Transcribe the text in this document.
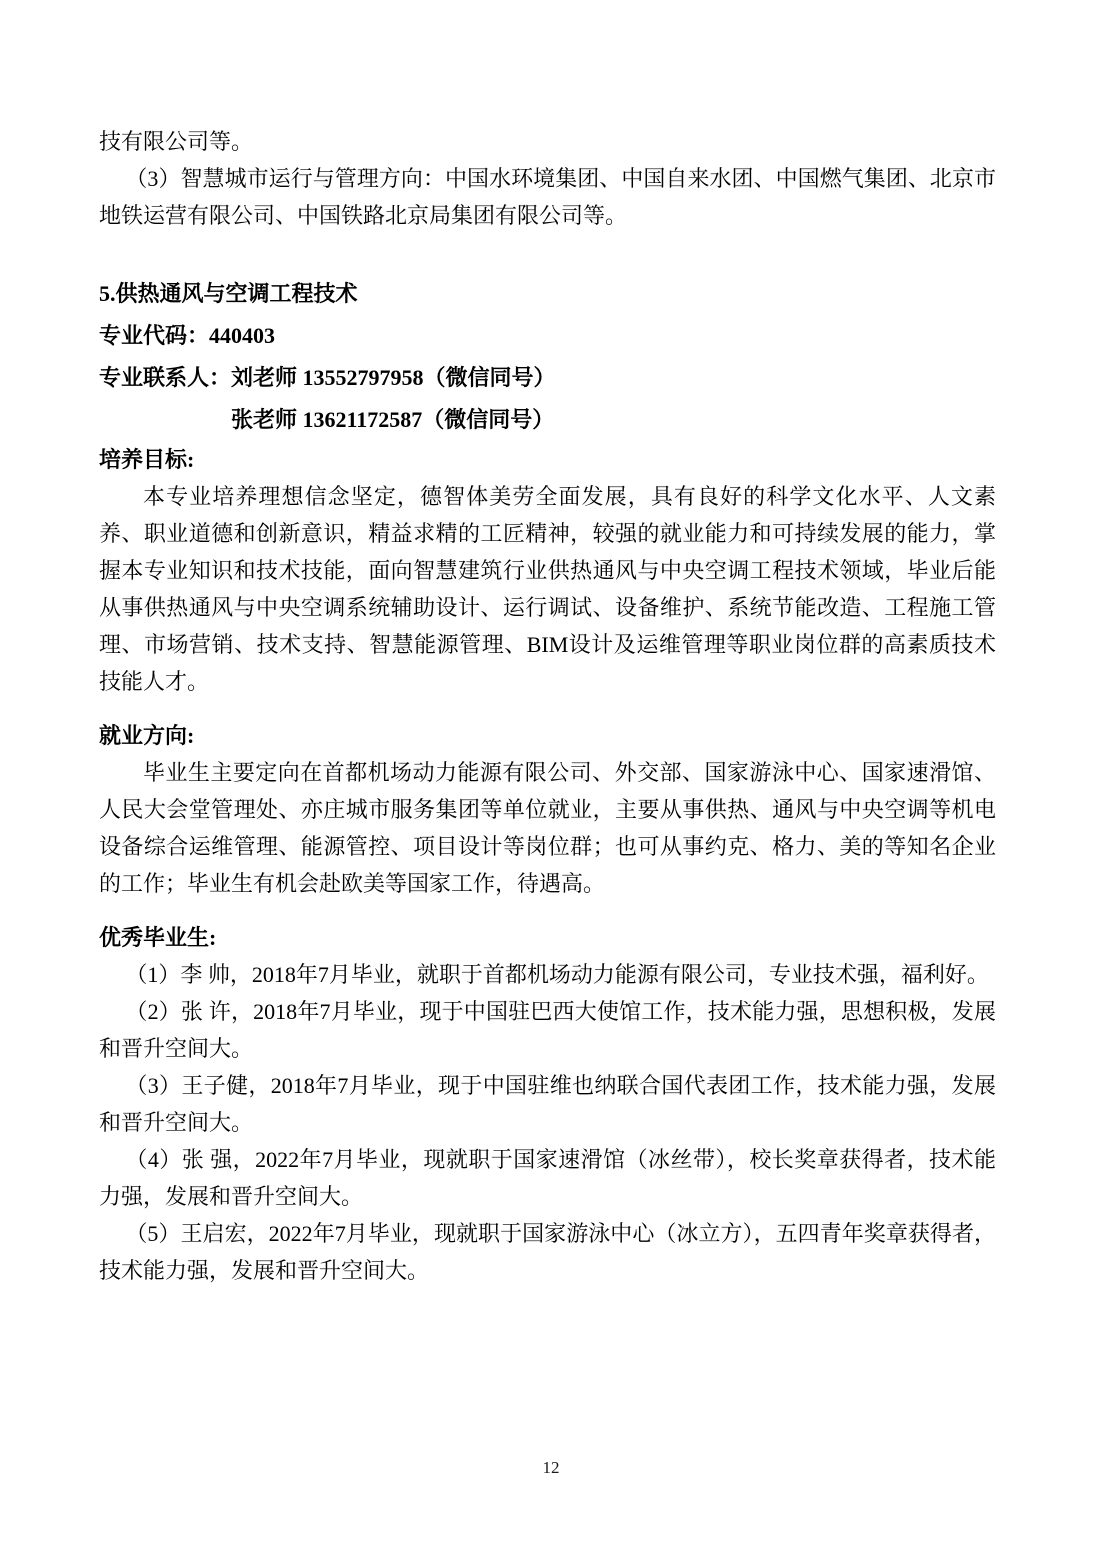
技有限公司等。

（3）智慧城市运行与管理方向：中国水环境集团、中国自来水团、中国燃气集团、北京市地铁运营有限公司、中国铁路北京局集团有限公司等。

5.供热通风与空调工程技术

专业代码：440403

专业联系人：刘老师 13552797958（微信同号）

张老师 13621172587（微信同号）

培养目标:

本专业培养理想信念坚定，德智体美劳全面发展，具有良好的科学文化水平、人文素养、职业道德和创新意识，精益求精的工匠精神，较强的就业能力和可持续发展的能力，掌握本专业知识和技术技能，面向智慧建筑行业供热通风与中央空调工程技术领域，毕业后能从事供热通风与中央空调系统辅助设计、运行调试、设备维护、系统节能改造、工程施工管理、市场营销、技术支持、智慧能源管理、BIM设计及运维管理等职业岗位群的高素质技术技能人才。

就业方向:

毕业生主要定向在首都机场动力能源有限公司、外交部、国家游泳中心、国家速滑馆、人民大会堂管理处、亦庄城市服务集团等单位就业，主要从事供热、通风与中央空调等机电设备综合运维管理、能源管控、项目设计等岗位群；也可从事约克、格力、美的等知名企业的工作；毕业生有机会赴欧美等国家工作，待遇高。

优秀毕业生:

（1）李 帅，2018年7月毕业，就职于首都机场动力能源有限公司，专业技术强，福利好。

（2）张 许，2018年7月毕业，现于中国驻巴西大使馆工作，技术能力强，思想积极，发展和晋升空间大。

（3）王子健，2018年7月毕业，现于中国驻维也纳联合国代表团工作，技术能力强，发展和晋升空间大。

（4）张 强，2022年7月毕业，现就职于国家速滑馆（冰丝带），校长奖章获得者，技术能力强，发展和晋升空间大。

（5）王启宏，2022年7月毕业，现就职于国家游泳中心（冰立方），五四青年奖章获得者，技术能力强，发展和晋升空间大。

12
